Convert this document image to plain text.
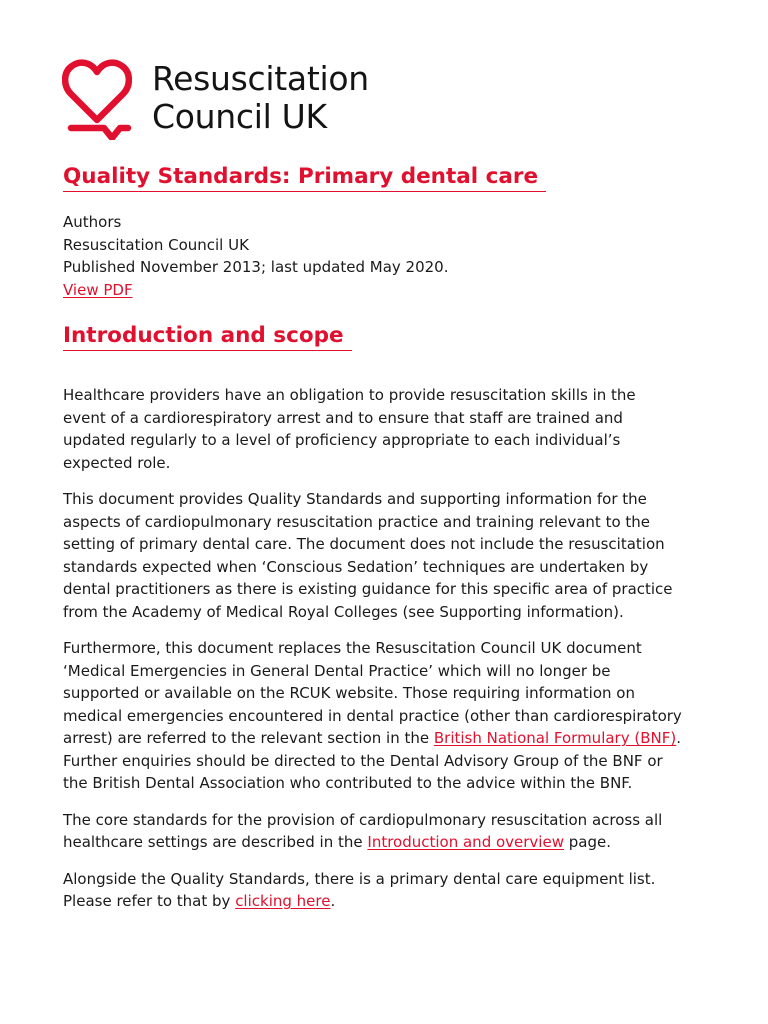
Resuscitation
Council UK
Quality Standards: Primary dental care
Authors
Resuscitation Council UK
Published November 2013; last updated May 2020.
View PDF
Introduction and scope

Healthcare providers have an obligation to provide resuscitation skills in the
event of a cardiorespiratory arrest and to ensure that staff are trained and
updated regularly to a level of proficiency appropriate to each individual’s
expected role.

This document provides Quality Standards and supporting information for the
aspects of cardiopulmonary resuscitation practice and training relevant to the
setting of primary dental care. The document does not include the resuscitation
standards expected when ‘Conscious Sedation’ techniques are undertaken by
dental practitioners as there is existing guidance for this specific area of practice
from the Academy of Medical Royal Colleges (see Supporting information).

Furthermore, this document replaces the Resuscitation Council UK document
‘Medical Emergencies in General Dental Practice’ which will no longer be
supported or available on the RCUK website. Those requiring information on
medical emergencies encountered in dental practice (other than cardiorespiratory
arrest) are referred to the relevant section in the British National Formulary (BNF).
Further enquiries should be directed to the Dental Advisory Group of the BNF or
the British Dental Association who contributed to the advice within the BNF.

The core standards for the provision of cardiopulmonary resuscitation across all
healthcare settings are described in the Introduction and overview page.

Alongside the Quality Standards, there is a primary dental care equipment list.
Please refer to that by clicking here.
